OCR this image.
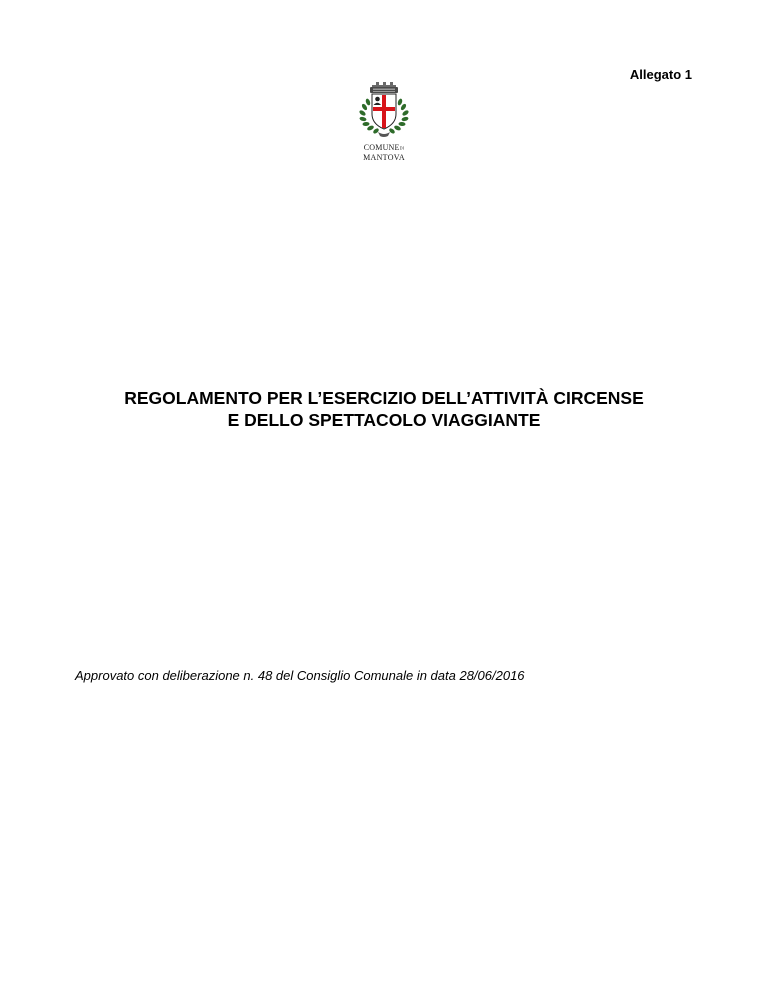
Allegato 1
COMUNEDI
MANTOVA
REGOLAMENTO PER L’ESERCIZIO DELL’ATTIVITÀ CIRCENSE
E DELLO SPETTACOLO VIAGGIANTE
Approvato con deliberazione n. 48 del Consiglio Comunale in data 28/06/2016
